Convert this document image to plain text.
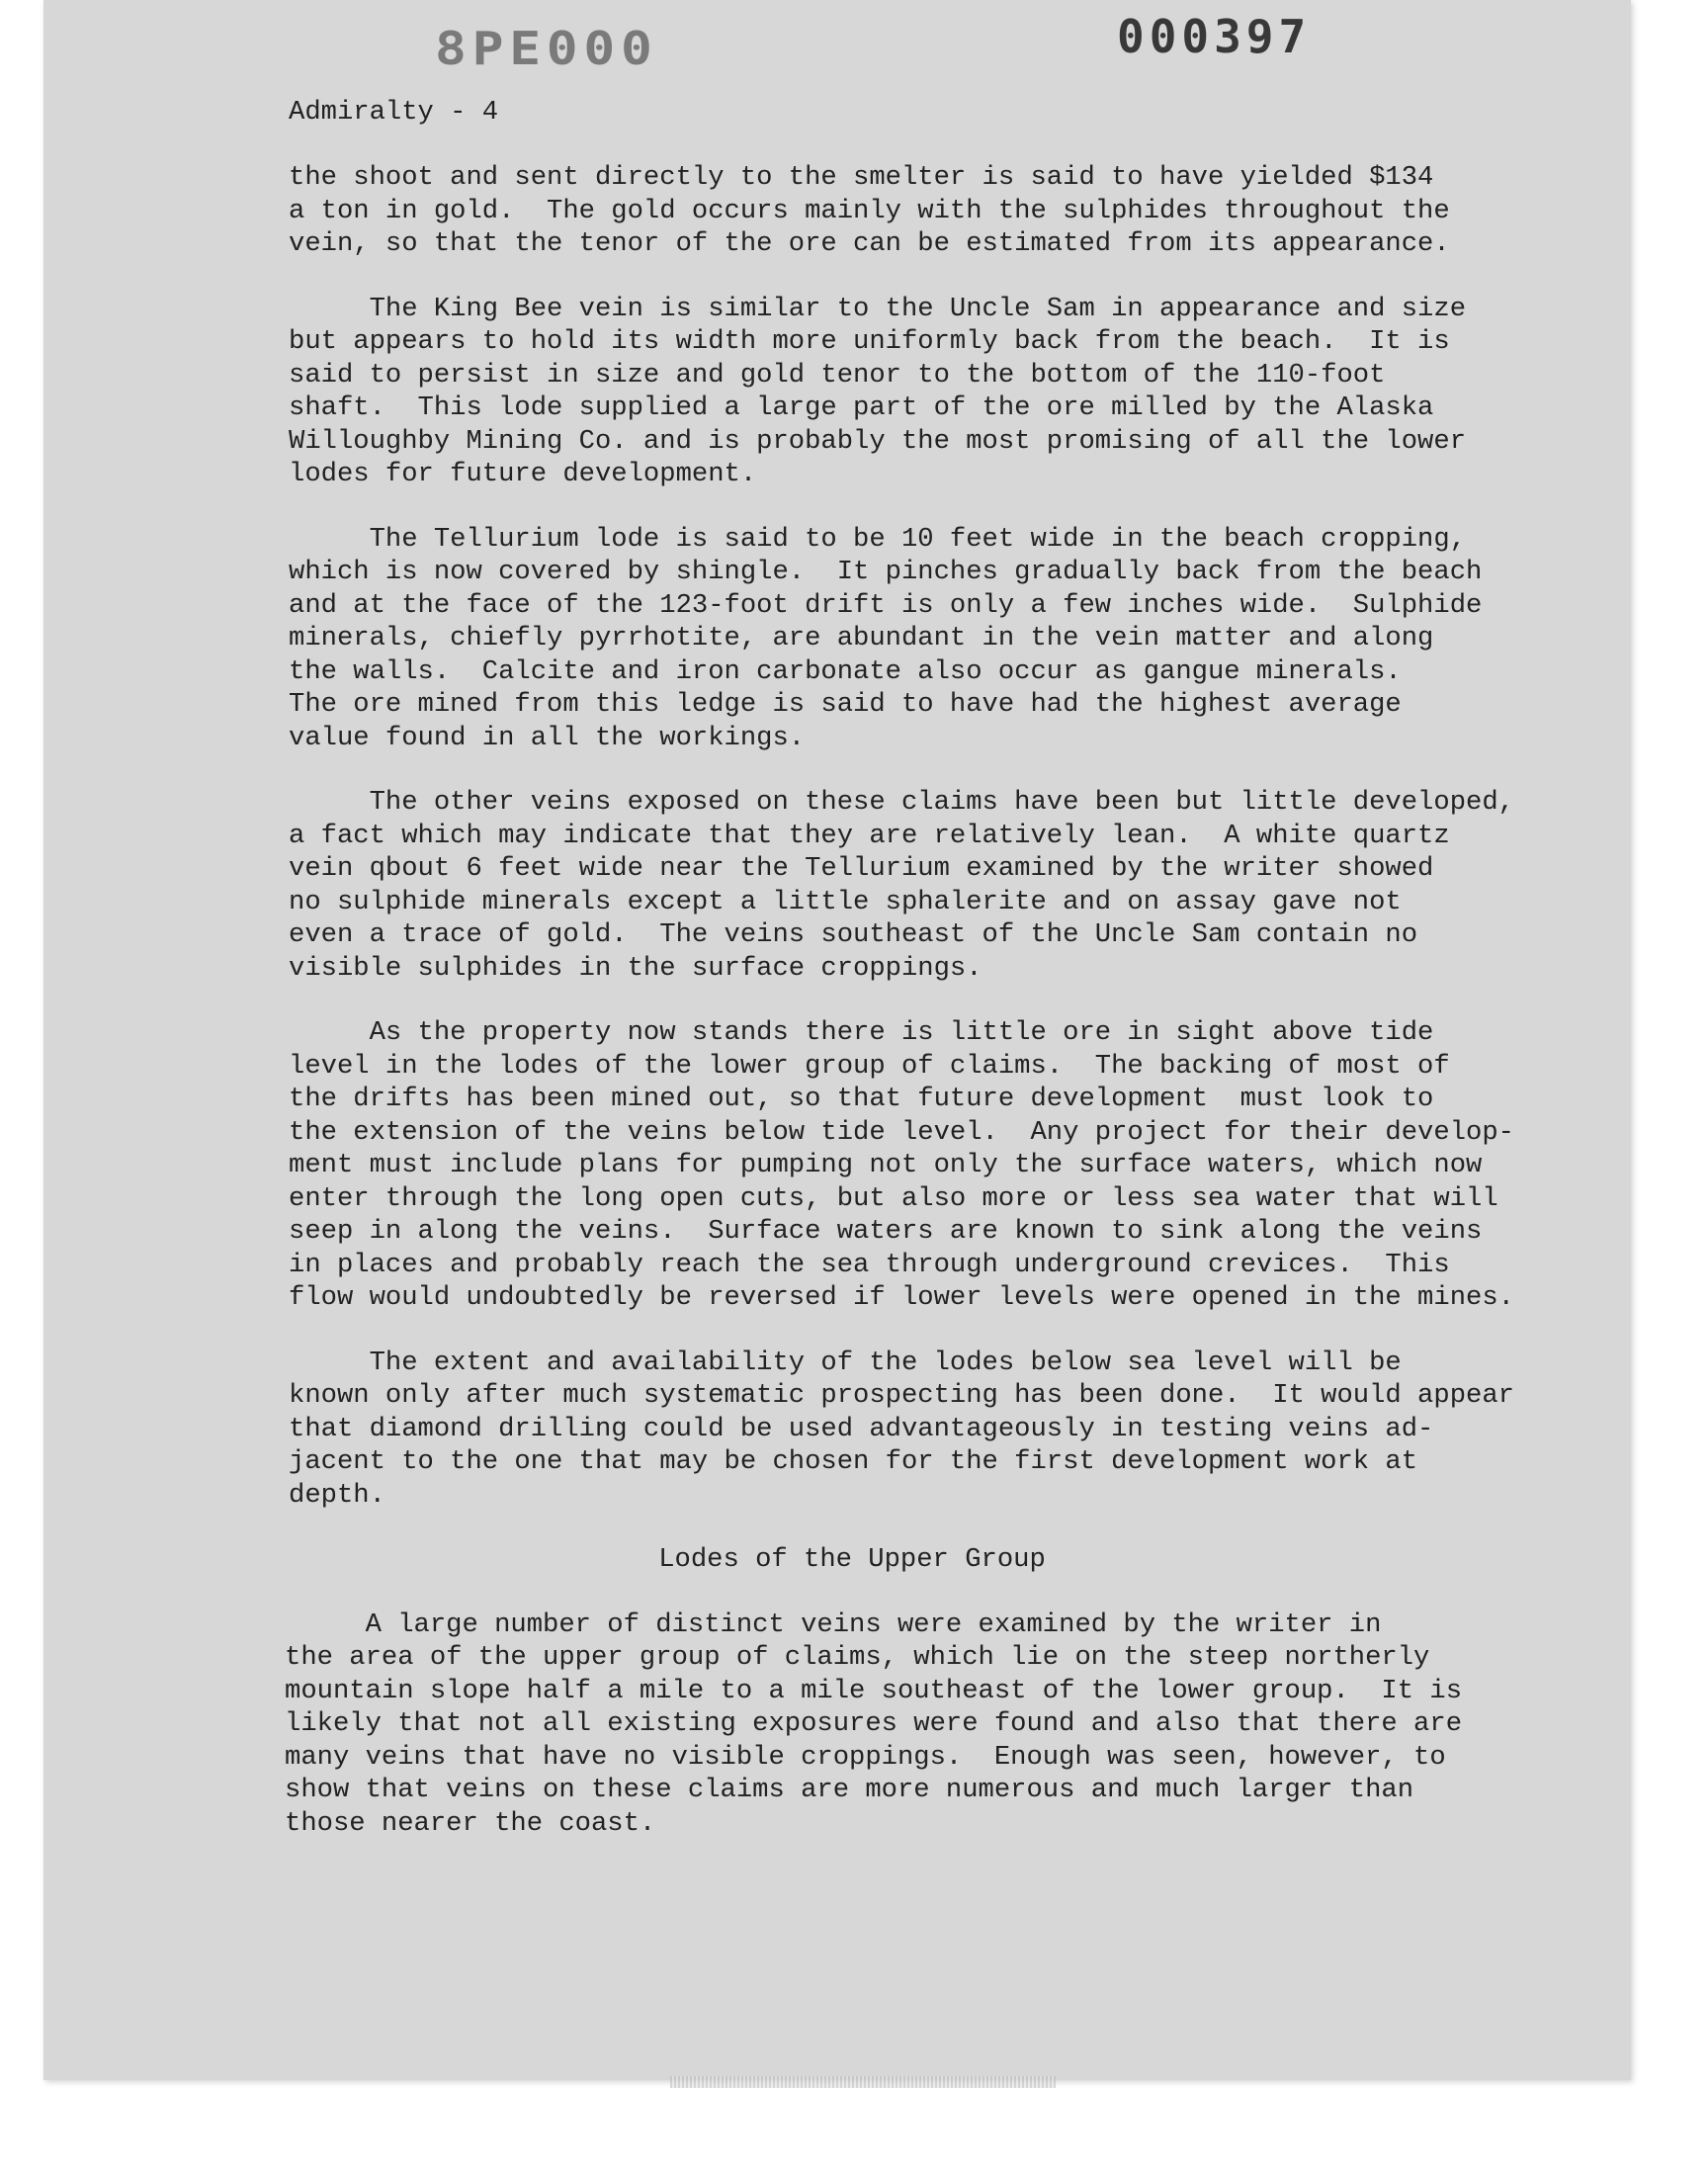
8PE000	000397
Admiralty - 4
the shoot and sent directly to the smelter is said to have yielded $134
a ton in gold.  The gold occurs mainly with the sulphides throughout the
vein, so that the tenor of the ore can be estimated from its appearance.
The King Bee vein is similar to the Uncle Sam in appearance and size
but appears to hold its width more uniformly back from the beach.  It is
said to persist in size and gold tenor to the bottom of the 110-foot
shaft.  This lode supplied a large part of the ore milled by the Alaska
Willoughby Mining Co. and is probably the most promising of all the lower
lodes for future development.
The Tellurium lode is said to be 10 feet wide in the beach cropping,
which is now covered by shingle.  It pinches gradually back from the beach
and at the face of the 123-foot drift is only a few inches wide.  Sulphide
minerals, chiefly pyrrhotite, are abundant in the vein matter and along
the walls.  Calcite and iron carbonate also occur as gangue minerals.
The ore mined from this ledge is said to have had the highest average
value found in all the workings.
The other veins exposed on these claims have been but little developed,
a fact which may indicate that they are relatively lean.  A white quartz
vein qbout 6 feet wide near the Tellurium examined by the writer showed
no sulphide minerals except a little sphalerite and on assay gave not
even a trace of gold.  The veins southeast of the Uncle Sam contain no
visible sulphides in the surface croppings.
As the property now stands there is little ore in sight above tide
level in the lodes of the lower group of claims.  The backing of most of
the drifts has been mined out, so that future development  must look to
the extension of the veins below tide level.  Any project for their develop-
ment must include plans for pumping not only the surface waters, which now
enter through the long open cuts, but also more or less sea water that will
seep in along the veins.  Surface waters are known to sink along the veins
in places and probably reach the sea through underground crevices.  This
flow would undoubtedly be reversed if lower levels were opened in the mines.
The extent and availability of the lodes below sea level will be
known only after much systematic prospecting has been done.  It would appear
that diamond drilling could be used advantageously in testing veins ad-
jacent to the one that may be chosen for the first development work at
depth.
Lodes of the Upper Group
A large number of distinct veins were examined by the writer in
the area of the upper group of claims, which lie on the steep northerly
mountain slope half a mile to a mile southeast of the lower group.  It is
likely that not all existing exposures were found and also that there are
many veins that have no visible croppings.  Enough was seen, however, to
show that veins on these claims are more numerous and much larger than
those nearer the coast.
